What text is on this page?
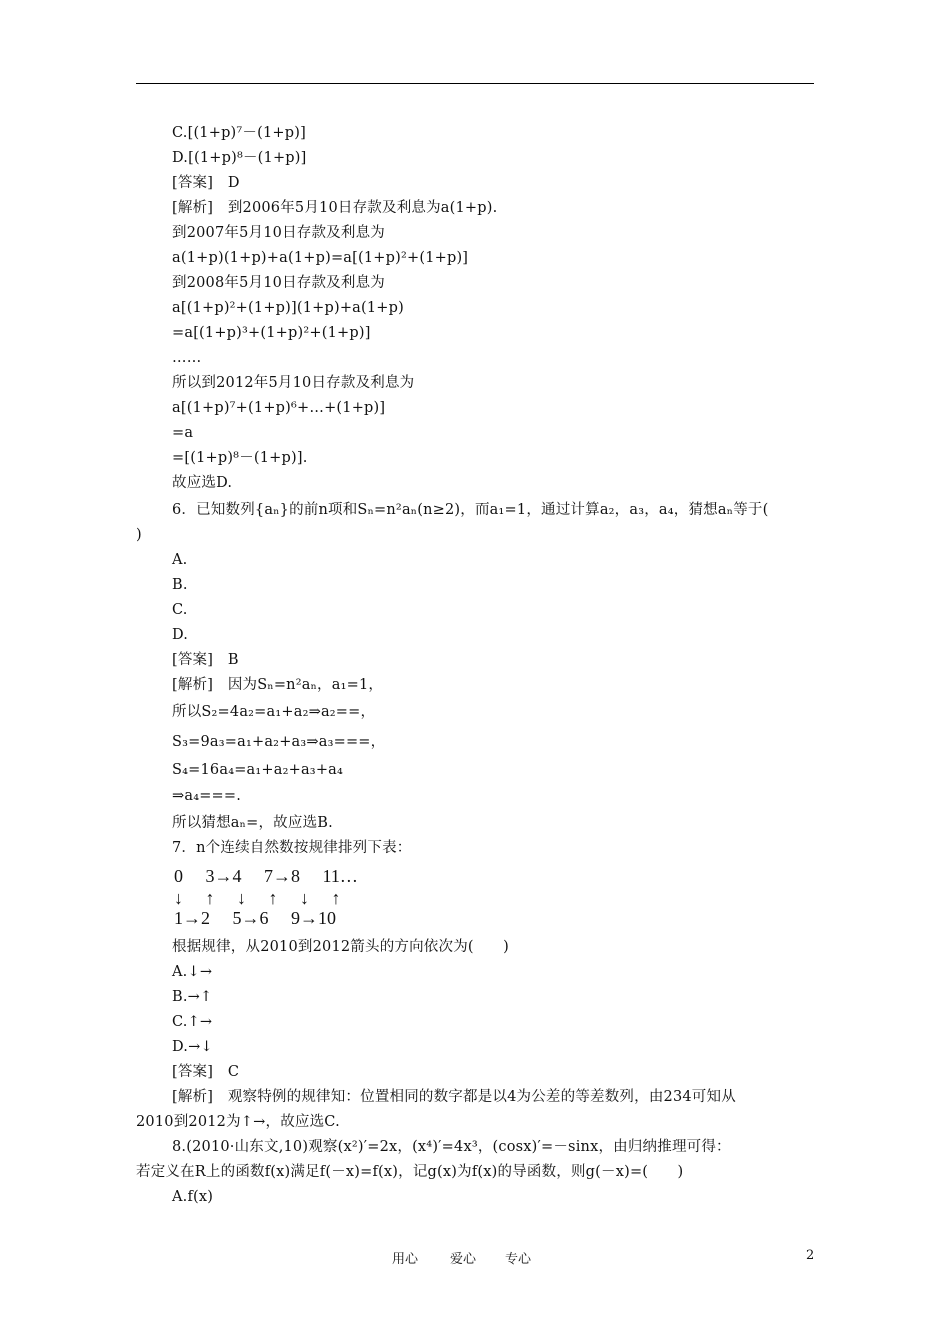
C.[(1+p)⁷－(1+p)]
D.[(1+p)⁸－(1+p)]
[答案]　D
[解析]　到2006年5月10日存款及利息为a(1+p).
到2007年5月10日存款及利息为
a(1+p)(1+p)+a(1+p)=a[(1+p)²+(1+p)]
到2008年5月10日存款及利息为
a[(1+p)²+(1+p)](1+p)+a(1+p)
=a[(1+p)³+(1+p)²+(1+p)]
……
所以到2012年5月10日存款及利息为
a[(1+p)⁷+(1+p)⁶+…+(1+p)]
=a
=[(1+p)⁸－(1+p)].
故应选D.
6．已知数列{aₙ}的前n项和Sₙ=n²aₙ(n≥2)，而a₁=1，通过计算a₂，a₃，a₄，猜想aₙ等于(
)
A.
B.
C.
D.
[答案]　B
[解析]　因为Sₙ=n²aₙ，a₁=1，
所以S₂=4a₂=a₁+a₂⇒a₂==，
S₃=9a₃=a₁+a₂+a₃⇒a₃===，
S₄=16a₄=a₁+a₂+a₃+a₄
⇒a₄===.
所以猜想aₙ=，故应选B.
7．n个连续自然数按规律排列下表：
0　 3→4　 7→8　 11…
↓　 ↑　 ↓　 ↑　 ↓　 ↑
1→2　 5→6　 9→10
根据规律，从2010到2012箭头的方向依次为(　　)
A.↓→
B.→↑
C.↑→
D.→↓
[答案]　C
[解析]　观察特例的规律知：位置相同的数字都是以4为公差的等差数列，由234可知从
2010到2012为↑→，故应选C.
8.(2010·山东文,10)观察(x²)′=2x，(x⁴)′=4x³，(cosx)′=－sinx，由归纳推理可得：
若定义在R上的函数f(x)满足f(－x)=f(x)，记g(x)为f(x)的导函数，则g(－x)=(　　)
A.f(x)
用心 爱心 专心	2
